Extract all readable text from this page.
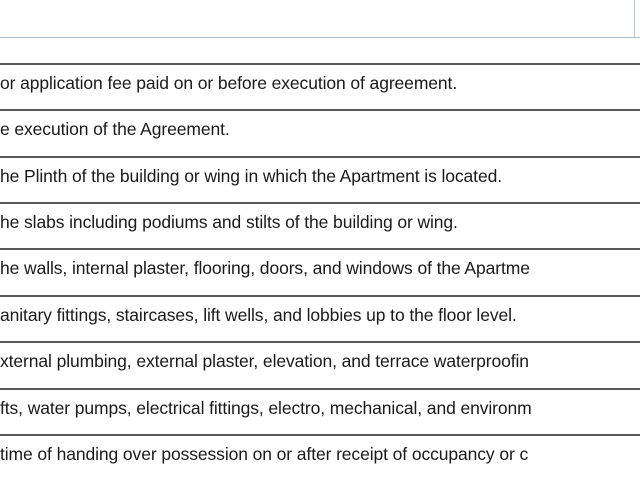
or application fee paid on or before execution of agreement.
e execution of the Agreement.
he Plinth of the building or wing in which the Apartment is located.
he slabs including podiums and stilts of the building or wing.
he walls, internal plaster, flooring, doors, and windows of the Apartme
anitary fittings, staircases, lift wells, and lobbies up to the floor level.
xternal plumbing, external plaster, elevation, and terrace waterproofin
fts, water pumps, electrical fittings, electro, mechanical, and environm
time of handing over possession on or after receipt of occupancy or c
